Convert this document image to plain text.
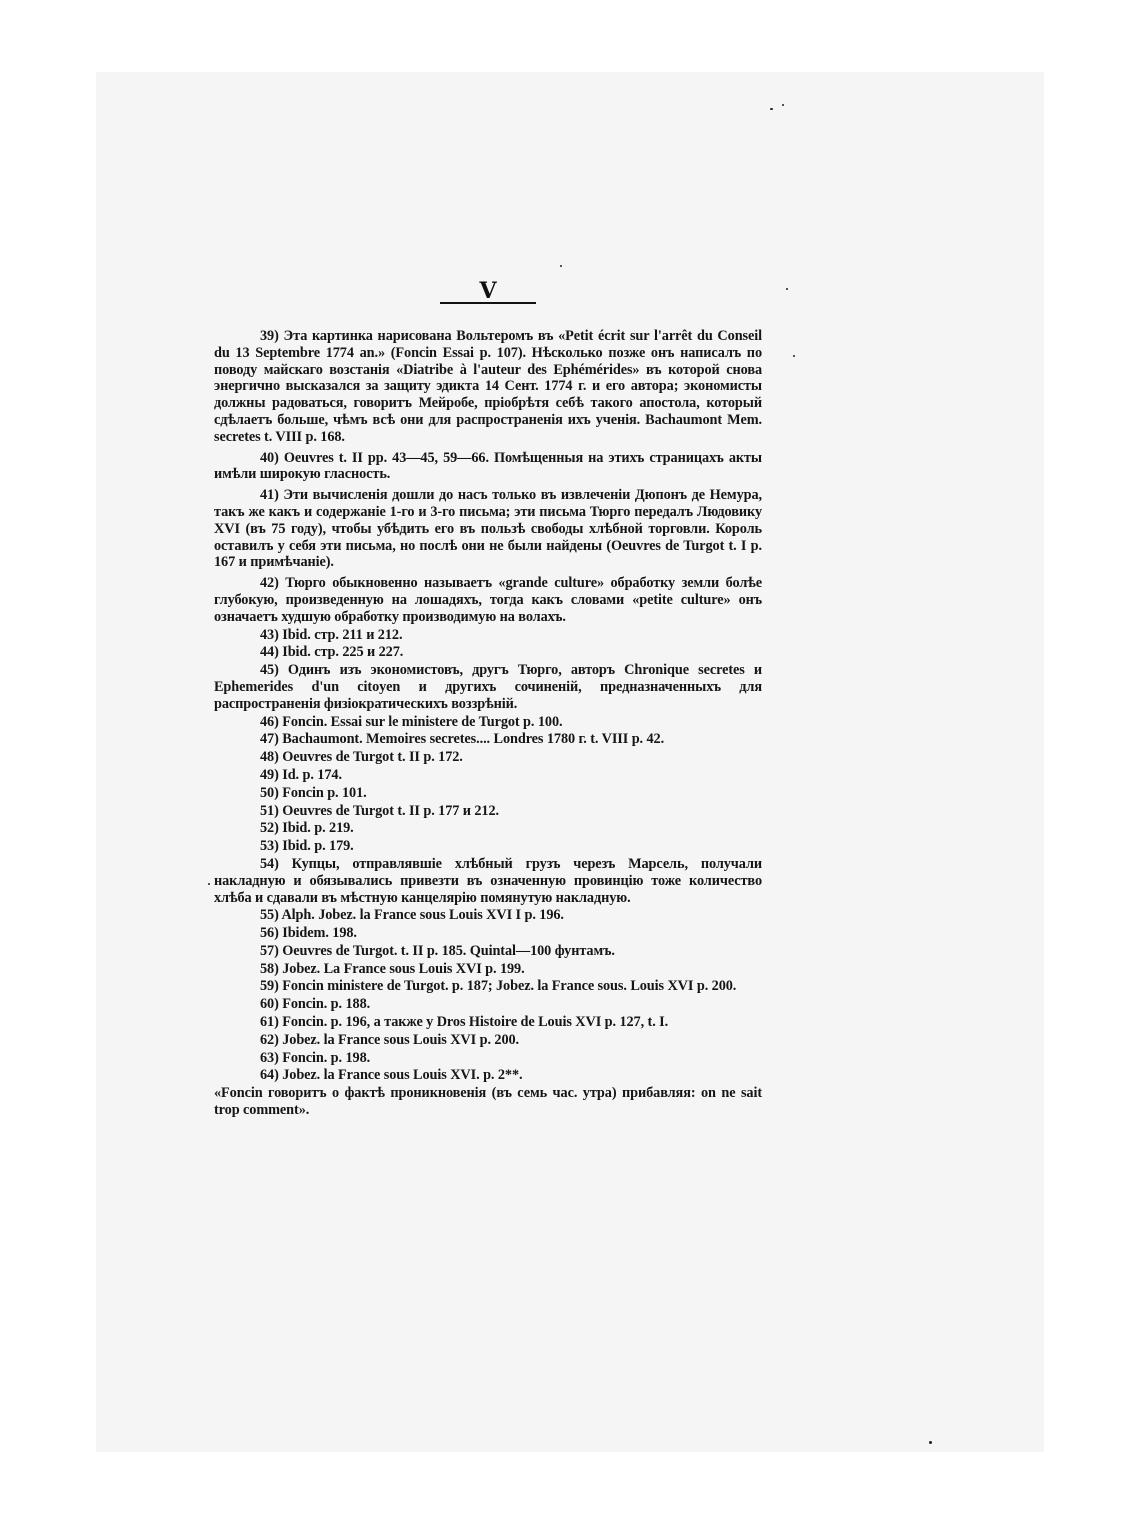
V

39) Эта картинка нарисована Вольтеромъ въ «Petit écrit sur l'arrêt du Conseil du 13 Septembre 1774 an.» (Foncin Essai p. 107). Нѣсколько позже онъ написалъ по поводу майскаго возстанія «Diatribe à l'auteur des Ephémérides» въ которой снова энергично высказался за защиту эдикта 14 Сент. 1774 г. и его автора; экономисты должны радоваться, говоритъ Мейробе, пріобрѣтя себѣ такого апостола, который сдѣлаетъ больше, чѣмъ всѣ они для распространенія ихъ ученія. Bachaumont Mem. secretes t. VIII p. 168.

40) Oeuvres t. II pp. 43—45, 59—66. Помѣщенныя на этихъ страницахъ акты имѣли широкую гласность.

41) Эти вычисленія дошли до насъ только въ извлеченіи Дюпонъ де Немура, такъ же какъ и содержаніе 1-го и 3-го письма; эти письма Тюрго передалъ Людовику XVI (въ 75 году), чтобы убѣдить его въ пользѣ свободы хлѣбной торговли. Король оставилъ у себя эти письма, но послѣ они не были найдены (Oeuvres de Turgot t. I p. 167 и примѣчаніе).

42) Тюрго обыкновенно называетъ «grande culture» обработку земли болѣе глубокую, произведенную на лошадяхъ, тогда какъ словами «petite culture» онъ означаетъ худшую обработку производимую на волахъ.

43) Ibid. стр. 211 и 212.

44) Ibid. стр. 225 и 227.

45) Одинъ изъ экономистовъ, другъ Тюрго, авторъ Chronique secretes и Ephemerides d'un citoyen и другихъ сочиненій, предназначенныхъ для распространенія физіократическихъ воззрѣній.

46) Foncin. Essai sur le ministere de Turgot p. 100.

47) Bachaumont. Memoires secretes.... Londres 1780 г. t. VIII p. 42.

48) Oeuvres de Turgot t. II p. 172.

49) Id. p. 174.

50) Foncin p. 101.

51) Oeuvres de Turgot t. II p. 177 и 212.

52) Ibid. p. 219.

53) Ibid. p. 179.

54) Купцы, отправлявшіе хлѣбный грузъ черезъ Марсель, получали накладную и обязывались привезти въ означенную провинцію тоже количество хлѣба и сдавали въ мѣстную канцелярію помянутую накладную.

55) Alph. Jobez. la France sous Louis XVI I p. 196.

56) Ibidem. 198.

57) Oeuvres de Turgot. t. II p. 185. Quintal—100 фунтамъ.

58) Jobez. La France sous Louis XVI p. 199.

59) Foncin ministere de Turgot. p. 187; Jobez. la France sous. Louis XVI p. 200.

60) Foncin. p. 188.

61) Foncin. p. 196, а также у Dros Histoire de Louis XVI p. 127, t. I.

62) Jobez. la France sous Louis XVI p. 200.

63) Foncin. p. 198.

64) Jobez. la France sous Louis XVI. p. 2**.

«Foncin говоритъ о фактѣ проникновенія (въ семь час. утра) прибавляя: on ne sait trop comment».
